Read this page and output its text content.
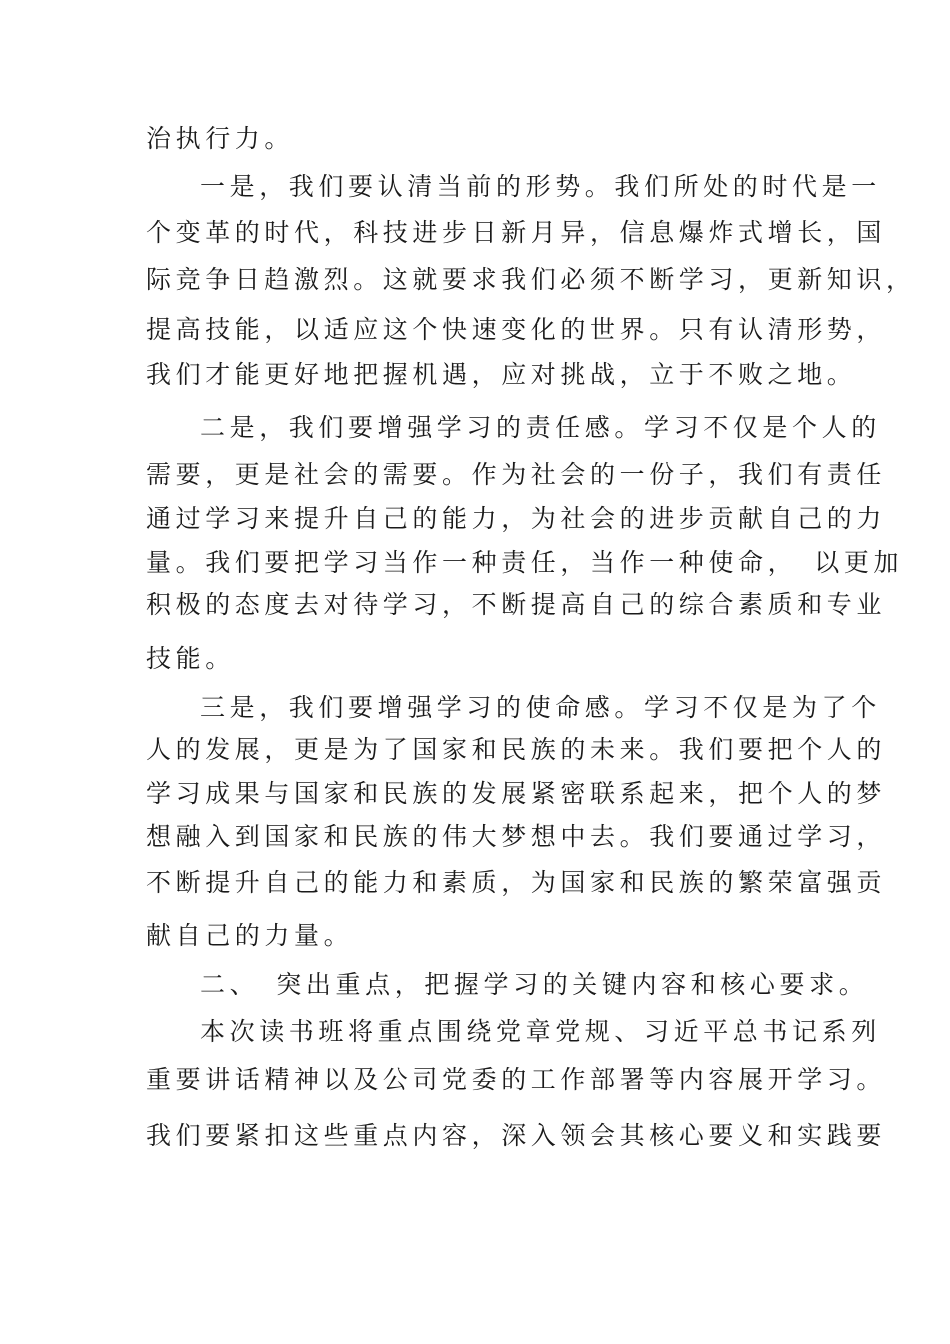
治执行力。
一是，我们要认清当前的形势。我们所处的时代是一
个变革的时代，科技进步日新月异，信息爆炸式增长，国
际竞争日趋激烈。这就要求我们必须不断学习，更新知识，
提高技能，以适应这个快速变化的世界。只有认清形势，
我们才能更好地把握机遇，应对挑战，立于不败之地。
二是，我们要增强学习的责任感。学习不仅是个人的
需要，更是社会的需要。作为社会的一份子，我们有责任
通过学习来提升自己的能力，为社会的进步贡献自己的力
量。我们要把学习当作一种责任，当作一种使命，　以更加
积极的态度去对待学习，不断提高自己的综合素质和专业
技能。
三是，我们要增强学习的使命感。学习不仅是为了个
人的发展，更是为了国家和民族的未来。我们要把个人的
学习成果与国家和民族的发展紧密联系起来，把个人的梦
想融入到国家和民族的伟大梦想中去。我们要通过学习，
不断提升自己的能力和素质，为国家和民族的繁荣富强贡
献自己的力量。
二、　突出重点，把握学习的关键内容和核心要求。
本次读书班将重点围绕党章党规、习近平总书记系列
重要讲话精神以及公司党委的工作部署等内容展开学习。
我们要紧扣这些重点内容，深入领会其核心要义和实践要
